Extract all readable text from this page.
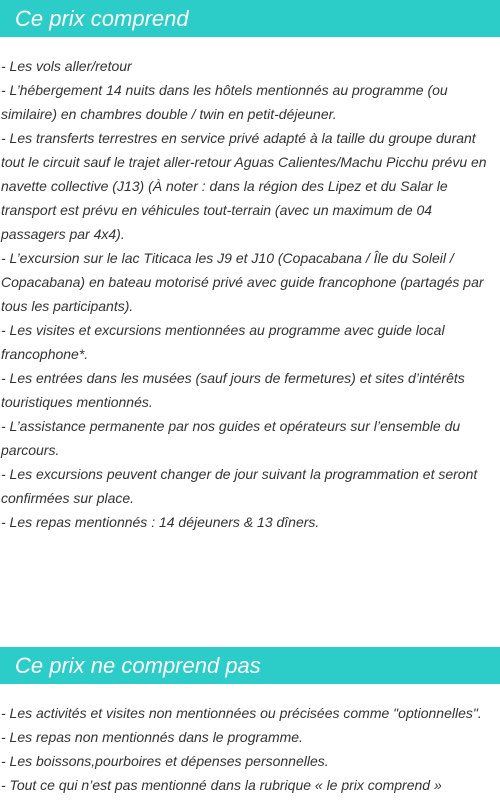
Ce prix comprend
- Les vols aller/retour
- L’hébergement 14 nuits dans les hôtels mentionnés au programme (ou similaire) en chambres double / twin en petit-déjeuner.
- Les transferts terrestres en service privé adapté à la taille du groupe durant tout le circuit sauf le trajet aller-retour Aguas Calientes/Machu Picchu prévu en navette collective (J13) (À noter : dans la région des Lipez et du Salar le transport est prévu en véhicules tout-terrain (avec un maximum de 04 passagers par 4x4).
- L’excursion sur le lac Titicaca les J9 et J10 (Copacabana / Île du Soleil / Copacabana) en bateau motorisé privé avec guide francophone (partagés par tous les participants).
- Les visites et excursions mentionnées au programme avec guide local francophone*.
- Les entrées dans les musées (sauf jours de fermetures) et sites d’intérêts touristiques mentionnés.
- L’assistance permanente par nos guides et opérateurs sur l’ensemble du parcours.
- Les excursions peuvent changer de jour suivant la programmation et seront confirmées sur place.
- Les repas mentionnés : 14 déjeuners & 13 dîners.
Ce prix ne comprend pas
- Les activités et visites non mentionnées ou précisées comme "optionnelles".
- Les repas non mentionnés dans le programme.
- Les boissons,pourboires et dépenses personnelles.
- Tout ce qui n’est pas mentionné dans la rubrique « le prix comprend »
